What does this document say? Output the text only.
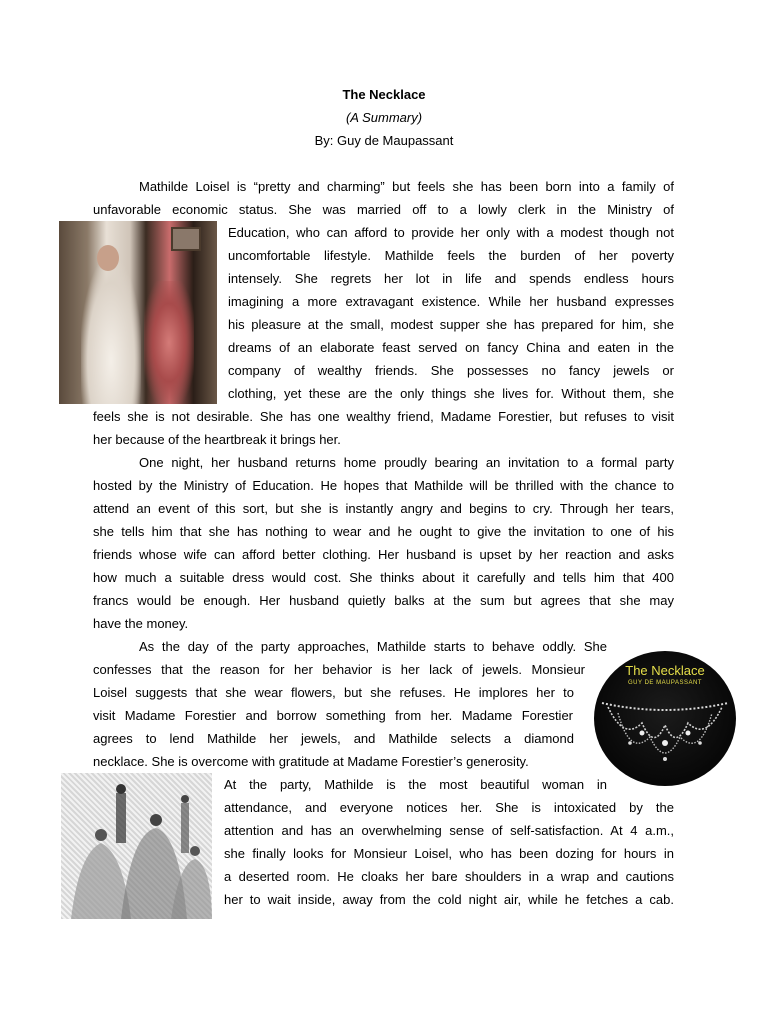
The Necklace
(A Summary)
By: Guy de Maupassant
Mathilde Loisel is “pretty and charming” but feels she has been born into a family of
unfavorable economic status. She was married off to a lowly clerk in the Ministry of
Education, who can afford to provide her only with a modest though not
uncomfortable lifestyle. Mathilde feels the burden of her poverty
intensely. She regrets her lot in life and spends endless hours
imagining a more extravagant existence. While her husband expresses
his pleasure at the small, modest supper she has prepared for him, she
dreams of an elaborate feast served on fancy China and eaten in the
company of wealthy friends. She possesses no fancy jewels or
clothing, yet these are the only things she lives for. Without them, she
feels she is not desirable. She has one wealthy friend, Madame Forestier, but refuses to visit
her because of the heartbreak it brings her.
One night, her husband returns home proudly bearing an invitation to a formal party
hosted by the Ministry of Education. He hopes that Mathilde will be thrilled with the chance to
attend an event of this sort, but she is instantly angry and begins to cry. Through her tears,
she tells him that she has nothing to wear and he ought to give the invitation to one of his
friends whose wife can afford better clothing. Her husband is upset by her reaction and asks
how much a suitable dress would cost. She thinks about it carefully and tells him that 400
francs would be enough. Her husband quietly balks at the sum but agrees that she may
have the money.
As the day of the party approaches, Mathilde starts to behave oddly. She
confesses that the reason for her behavior is her lack of jewels. Monsieur
Loisel suggests that she wear flowers, but she refuses. He implores her to
visit Madame Forestier and borrow something from her. Madame Forestier
agrees to lend Mathilde her jewels, and Mathilde selects a diamond
necklace. She is overcome with gratitude at Madame Forestier’s generosity.
At the party, Mathilde is the most beautiful woman in
attendance, and everyone notices her. She is intoxicated by the
attention and has an overwhelming sense of self-satisfaction. At 4 a.m.,
she finally looks for Monsieur Loisel, who has been dozing for hours in
a deserted room. He cloaks her bare shoulders in a wrap and cautions
her to wait inside, away from the cold night air, while he fetches a cab.
The Necklace
GUY DE MAUPASSANT
